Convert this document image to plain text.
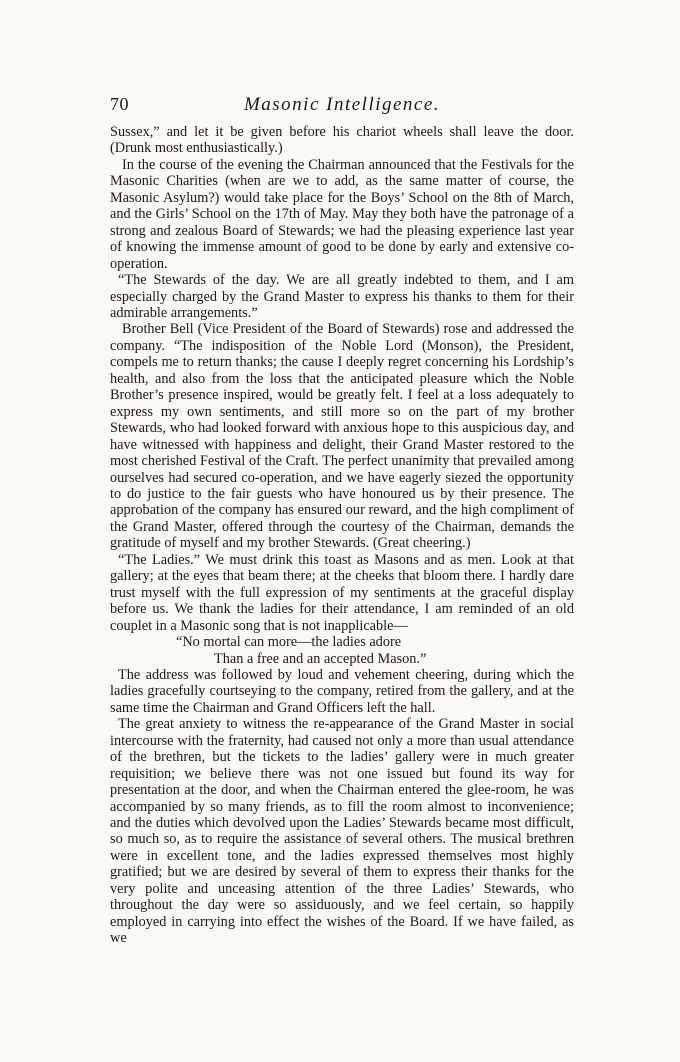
70	Masonic Intelligence.

Sussex,” and let it be given before his chariot wheels shall leave the door. (Drunk most enthusiastically.)

In the course of the evening the Chairman announced that the Festivals for the Masonic Charities (when are we to add, as the same matter of course, the Masonic Asylum?) would take place for the Boys’ School on the 8th of March, and the Girls’ School on the 17th of May. May they both have the patronage of a strong and zealous Board of Stewards; we had the pleasing experience last year of knowing the immense amount of good to be done by early and extensive co-operation.

“The Stewards of the day. We are all greatly indebted to them, and I am especially charged by the Grand Master to express his thanks to them for their admirable arrangements.”

Brother Bell (Vice President of the Board of Stewards) rose and addressed the company. “The indisposition of the Noble Lord (Monson), the President, compels me to return thanks; the cause I deeply regret concerning his Lordship’s health, and also from the loss that the anticipated pleasure which the Noble Brother’s presence inspired, would be greatly felt. I feel at a loss adequately to express my own sentiments, and still more so on the part of my brother Stewards, who had looked forward with anxious hope to this auspicious day, and have witnessed with happiness and delight, their Grand Master restored to the most cherished Festival of the Craft. The perfect unanimity that prevailed among ourselves had secured co-operation, and we have eagerly siezed the opportunity to do justice to the fair guests who have honoured us by their presence. The approbation of the company has ensured our reward, and the high compliment of the Grand Master, offered through the courtesy of the Chairman, demands the gratitude of myself and my brother Stewards. (Great cheering.)

“The Ladies.” We must drink this toast as Masons and as men. Look at that gallery; at the eyes that beam there; at the cheeks that bloom there. I hardly dare trust myself with the full expression of my sentiments at the graceful display before us. We thank the ladies for their attendance, I am reminded of an old couplet in a Masonic song that is not inapplicable—

“No mortal can more—the ladies adore
Than a free and an accepted Mason.”

The address was followed by loud and vehement cheering, during which the ladies gracefully courtseying to the company, retired from the gallery, and at the same time the Chairman and Grand Officers left the hall.

The great anxiety to witness the re-appearance of the Grand Master in social intercourse with the fraternity, had caused not only a more than usual attendance of the brethren, but the tickets to the ladies’ gallery were in much greater requisition; we believe there was not one issued but found its way for presentation at the door, and when the Chairman entered the glee-room, he was accompanied by so many friends, as to fill the room almost to inconvenience; and the duties which devolved upon the Ladies’ Stewards became most difficult, so much so, as to require the assistance of several others. The musical brethren were in excellent tone, and the ladies expressed themselves most highly gratified; but we are desired by several of them to express their thanks for the very polite and unceasing attention of the three Ladies’ Stewards, who throughout the day were so assiduously, and we feel certain, so happily employed in carrying into effect the wishes of the Board. If we have failed, as we
